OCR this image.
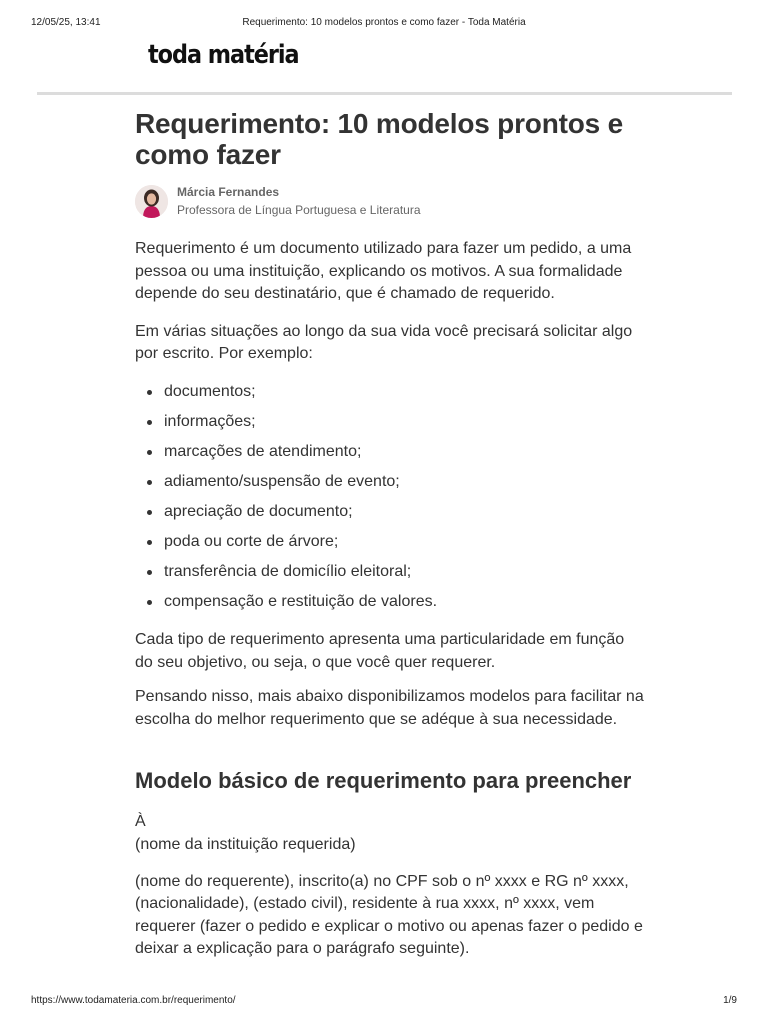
12/05/25, 13:41	Requerimento: 10 modelos prontos e como fazer - Toda Matéria
toda matéria
Requerimento: 10 modelos prontos e como fazer
Márcia Fernandes
Professora de Língua Portuguesa e Literatura

Requerimento é um documento utilizado para fazer um pedido, a uma pessoa ou uma instituição, explicando os motivos. A sua formalidade depende do seu destinatário, que é chamado de requerido.

Em várias situações ao longo da sua vida você precisará solicitar algo por escrito. Por exemplo:

documentos;
informações;
marcações de atendimento;
adiamento/suspensão de evento;
apreciação de documento;
poda ou corte de árvore;
transferência de domicílio eleitoral;
compensação e restituição de valores.

Cada tipo de requerimento apresenta uma particularidade em função do seu objetivo, ou seja, o que você quer requerer.

Pensando nisso, mais abaixo disponibilizamos modelos para facilitar na escolha do melhor requerimento que se adéque à sua necessidade.

Modelo básico de requerimento para preencher

À
(nome da instituição requerida)

(nome do requerente), inscrito(a) no CPF sob o nº xxxx e RG nº xxxx, (nacionalidade), (estado civil), residente à rua xxxx, nº xxxx, vem requerer (fazer o pedido e explicar o motivo ou apenas fazer o pedido e deixar a explicação para o parágrafo seguinte).

https://www.todamateria.com.br/requerimento/	1/9
